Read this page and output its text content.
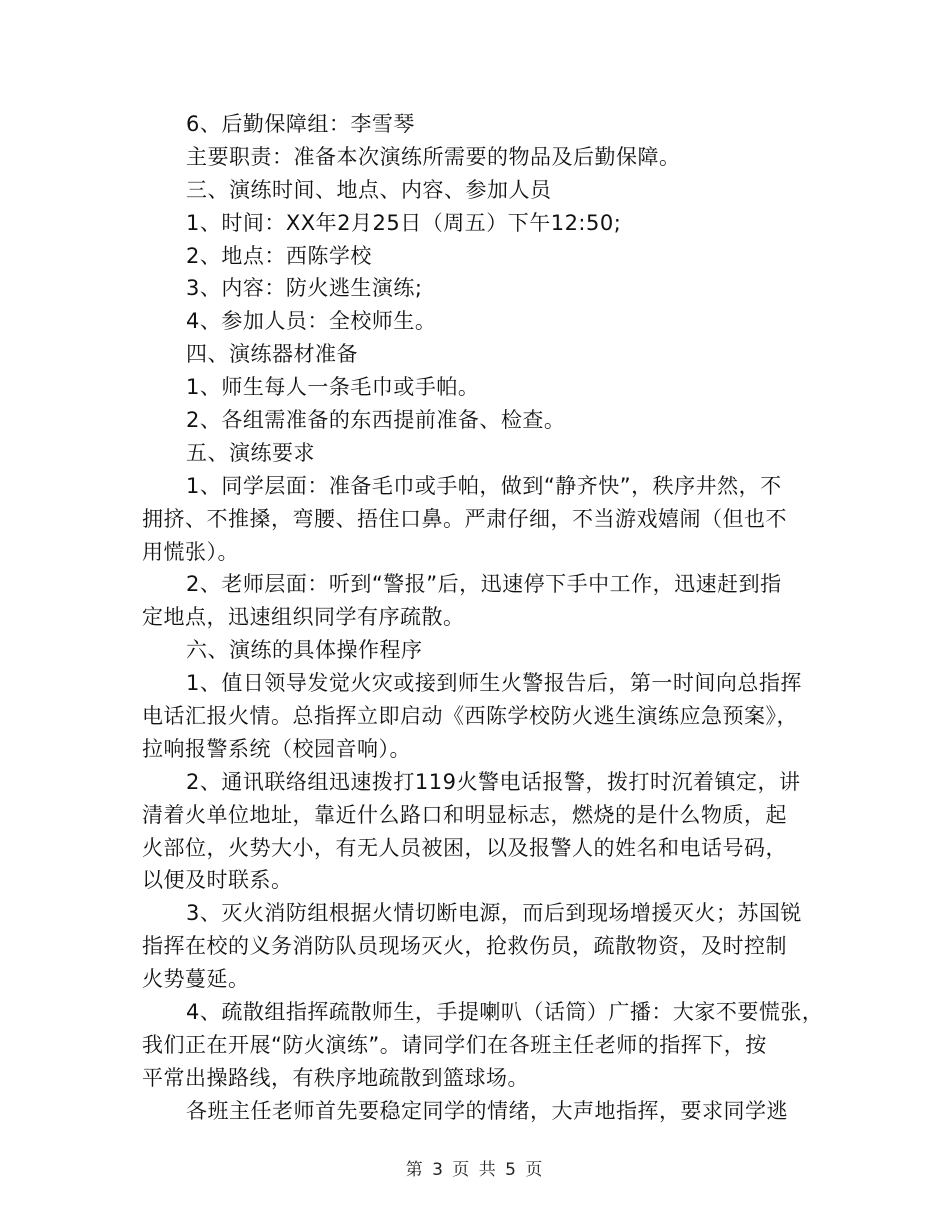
6、后勤保障组：李雪琴
主要职责：准备本次演练所需要的物品及后勤保障。
三、演练时间、地点、内容、参加人员
1、时间：XX年2月25日（周五）下午12:50;
2、地点：西陈学校
3、内容：防火逃生演练;
4、参加人员：全校师生。
四、演练器材准备
1、师生每人一条毛巾或手帕。
2、各组需准备的东西提前准备、检查。
五、演练要求
1、同学层面：准备毛巾或手帕，做到“静齐快”，秩序井然，不
拥挤、不推搡，弯腰、捂住口鼻。严肃仔细，不当游戏嬉闹（但也不
用慌张）。
2、老师层面：听到“警报”后，迅速停下手中工作，迅速赶到指
定地点，迅速组织同学有序疏散。
六、演练的具体操作程序
1、值日领导发觉火灾或接到师生火警报告后，第一时间向总指挥
电话汇报火情。总指挥立即启动《西陈学校防火逃生演练应急预案》，
拉响报警系统（校园音响）。
2、通讯联络组迅速拨打119火警电话报警，拨打时沉着镇定，讲
清着火单位地址，靠近什么路口和明显标志，燃烧的是什么物质，起
火部位，火势大小，有无人员被困，以及报警人的姓名和电话号码，
以便及时联系。
3、灭火消防组根据火情切断电源，而后到现场增援灭火；苏国锐
指挥在校的义务消防队员现场灭火，抢救伤员，疏散物资，及时控制
火势蔓延。
4、疏散组指挥疏散师生，手提喇叭（话筒）广播：大家不要慌张，
我们正在开展“防火演练”。请同学们在各班主任老师的指挥下，按
平常出操路线，有秩序地疏散到篮球场。
各班主任老师首先要稳定同学的情绪，大声地指挥，要求同学逃
第 3 页 共 5 页
